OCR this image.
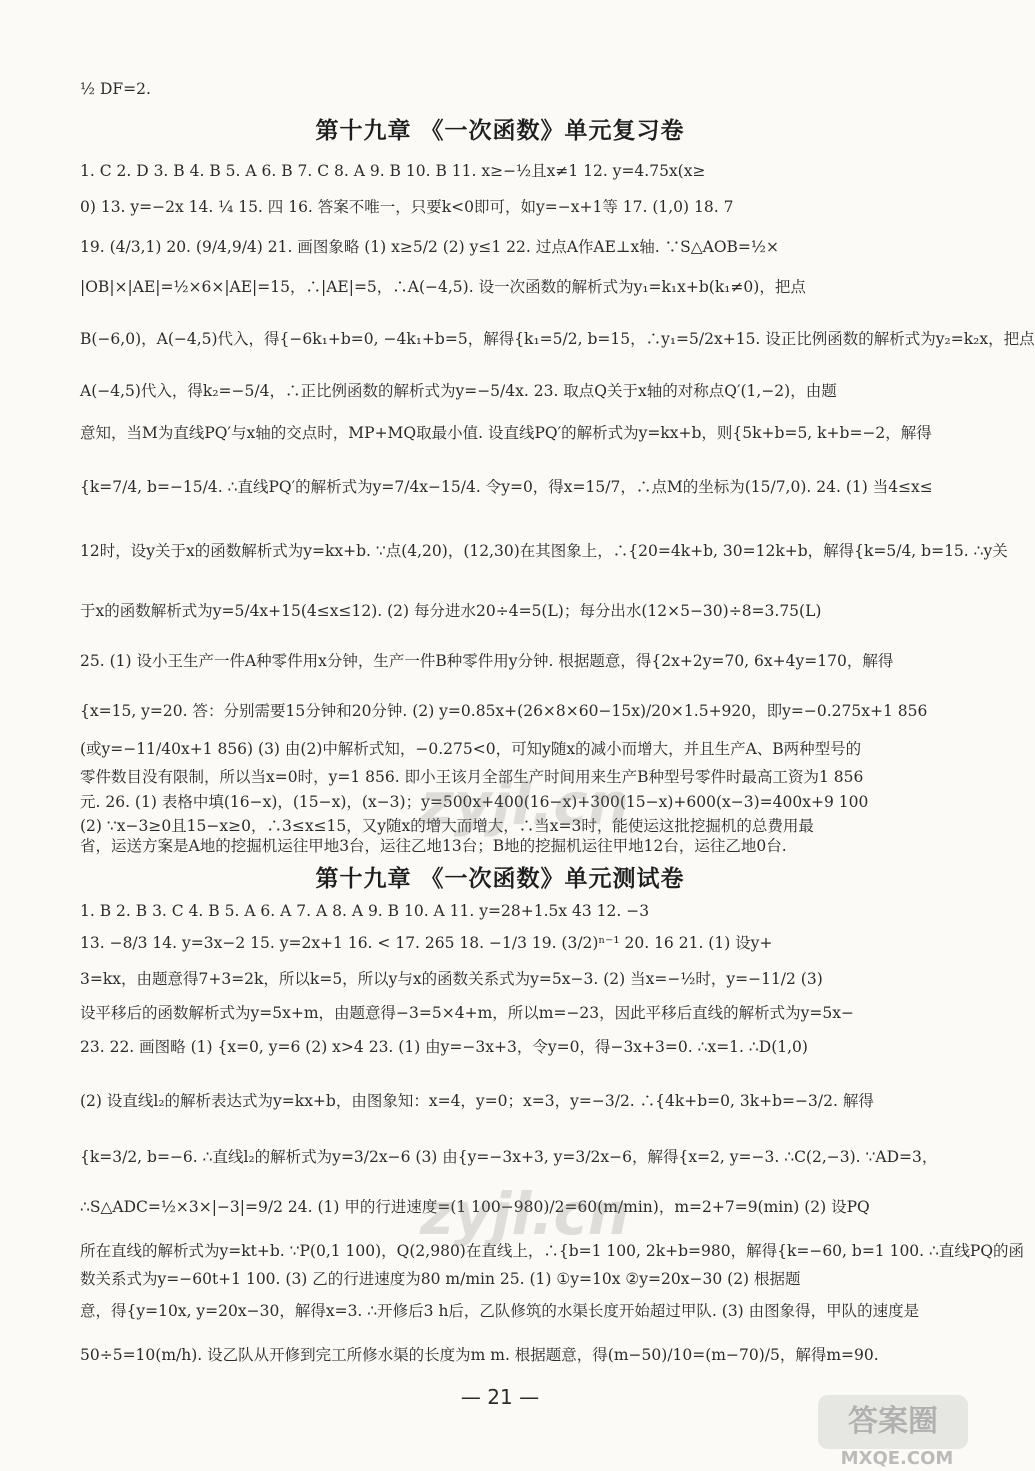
½ DF=2.
第十九章 《一次函数》单元复习卷
1. C 2. D 3. B 4. B 5. A 6. B 7. C 8. A 9. B 10. B 11. x≥−½且x≠1 12. y=4.75x(x≥
0) 13. y=−2x 14. ¼ 15. 四 16. 答案不唯一，只要k<0即可，如y=−x+1等 17. (1,0) 18. 7
19. (4/3,1) 20. (9/4,9/4) 21. 画图象略 (1) x≥5/2 (2) y≤1 22. 过点A作AE⊥x轴. ∵S△AOB=½×
|OB|×|AE|=½×6×|AE|=15，∴|AE|=5，∴A(−4,5). 设一次函数的解析式为y₁=k₁x+b(k₁≠0)，把点
B(−6,0)，A(−4,5)代入，得{−6k₁+b=0, −4k₁+b=5，解得{k₁=5/2, b=15，∴y₁=5/2x+15. 设正比例函数的解析式为y₂=k₂x，把点
A(−4,5)代入，得k₂=−5/4，∴正比例函数的解析式为y=−5/4x. 23. 取点Q关于x轴的对称点Q′(1,−2)，由题
意知，当M为直线PQ′与x轴的交点时，MP+MQ取最小值. 设直线PQ′的解析式为y=kx+b，则{5k+b=5, k+b=−2，解得
{k=7/4, b=−15/4. ∴直线PQ′的解析式为y=7/4x−15/4. 令y=0，得x=15/7，∴点M的坐标为(15/7,0). 24. (1) 当4≤x≤
12时，设y关于x的函数解析式为y=kx+b. ∵点(4,20)，(12,30)在其图象上，∴{20=4k+b, 30=12k+b，解得{k=5/4, b=15. ∴y关
于x的函数解析式为y=5/4x+15(4≤x≤12). (2) 每分进水20÷4=5(L)；每分出水(12×5−30)÷8=3.75(L)
25. (1) 设小王生产一件A种零件用x分钟，生产一件B种零件用y分钟. 根据题意，得{2x+2y=70, 6x+4y=170，解得
{x=15, y=20. 答：分别需要15分钟和20分钟. (2) y=0.85x+(26×8×60−15x)/20×1.5+920，即y=−0.275x+1 856
(或y=−11/40x+1 856) (3) 由(2)中解析式知，−0.275<0，可知y随x的减小而增大，并且生产A、B两种型号的
零件数目没有限制，所以当x=0时，y=1 856. 即小王该月全部生产时间用来生产B种型号零件时最高工资为1 856
元. 26. (1) 表格中填(16−x)，(15−x)，(x−3)；y=500x+400(16−x)+300(15−x)+600(x−3)=400x+9 100
(2) ∵x−3≥0且15−x≥0，∴3≤x≤15，又y随x的增大而增大，∴当x=3时，能使运这批挖掘机的总费用最
省，运送方案是A地的挖掘机运往甲地3台，运往乙地13台；B地的挖掘机运往甲地12台，运往乙地0台.
第十九章 《一次函数》单元测试卷
1. B 2. B 3. C 4. B 5. A 6. A 7. A 8. A 9. B 10. A 11. y=28+1.5x 43 12. −3
13. −8/3 14. y=3x−2 15. y=2x+1 16. < 17. 265 18. −1/3 19. (3/2)ⁿ⁻¹ 20. 16 21. (1) 设y+
3=kx，由题意得7+3=2k，所以k=5，所以y与x的函数关系式为y=5x−3. (2) 当x=−½时，y=−11/2 (3)
设平移后的函数解析式为y=5x+m，由题意得−3=5×4+m，所以m=−23，因此平移后直线的解析式为y=5x−
23. 22. 画图略 (1) {x=0, y=6 (2) x>4 23. (1) 由y=−3x+3，令y=0，得−3x+3=0. ∴x=1. ∴D(1,0)
(2) 设直线l₂的解析表达式为y=kx+b，由图象知：x=4，y=0；x=3，y=−3/2. ∴{4k+b=0, 3k+b=−3/2. 解得
{k=3/2, b=−6. ∴直线l₂的解析式为y=3/2x−6 (3) 由{y=−3x+3, y=3/2x−6，解得{x=2, y=−3. ∴C(2,−3). ∵AD=3，
∴S△ADC=½×3×|−3|=9/2 24. (1) 甲的行进速度=(1 100−980)/2=60(m/min)，m=2+7=9(min) (2) 设PQ
所在直线的解析式为y=kt+b. ∵P(0,1 100)，Q(2,980)在直线上，∴{b=1 100, 2k+b=980，解得{k=−60, b=1 100. ∴直线PQ的函
数关系式为y=−60t+1 100. (3) 乙的行进速度为80 m/min 25. (1) ①y=10x ②y=20x−30 (2) 根据题
意，得{y=10x, y=20x−30，解得x=3. ∴开修后3 h后，乙队修筑的水渠长度开始超过甲队. (3) 由图象得，甲队的速度是
50÷5=10(m/h). 设乙队从开修到完工所修水渠的长度为m m. 根据题意，得(m−50)/10=(m−70)/5，解得m=90.
— 21 —
zyjl.cn
zyjl.cn
答案圈
MXQE.COM
